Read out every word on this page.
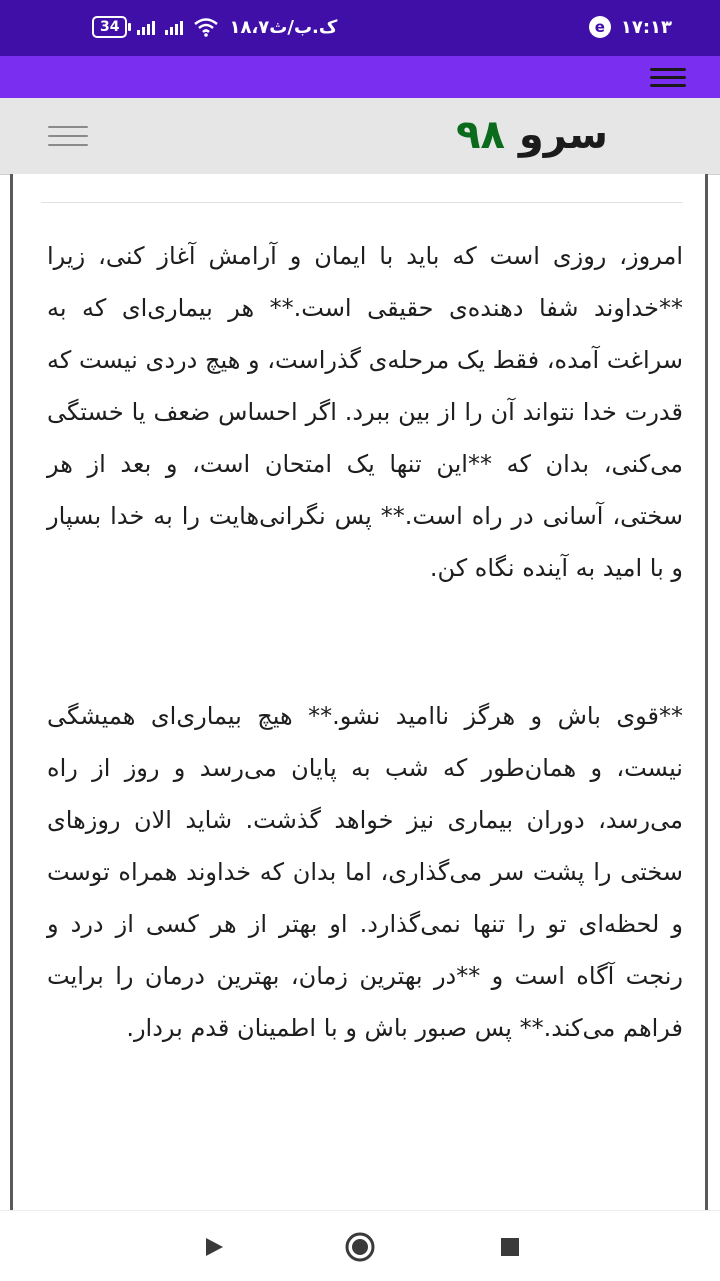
34	۱۸،۷ک.ب/ث	e ۱۷:۱۳
سرو ۹۸

امروز، روزی است که باید با ایمان و آرامش آغاز کنی، زیرا **خداوند شفا دهنده‌ی حقیقی است.** هر بیماری‌ای که به سراغت آمده، فقط یک مرحله‌ی گذراست، و هیچ دردی نیست که قدرت خدا نتواند آن را از بین ببرد. اگر احساس ضعف یا خستگی می‌کنی، بدان که **این تنها یک امتحان است، و بعد از هر سختی، آسانی در راه است.** پس نگرانی‌هایت را به خدا بسپار و با امید به آینده نگاه کن.

**قوی باش و هرگز ناامید نشو.** هیچ بیماری‌ای همیشگی نیست، و همان‌طور که شب به پایان می‌رسد و روز از راه می‌رسد، دوران بیماری نیز خواهد گذشت. شاید الان روزهای سختی را پشت سر می‌گذاری، اما بدان که خداوند همراه توست و لحظه‌ای تو را تنها نمی‌گذارد. او بهتر از هر کسی از درد و رنجت آگاه است و **در بهترین زمان، بهترین درمان را برایت فراهم می‌کند.** پس صبور باش و با اطمینان قدم بردار.
